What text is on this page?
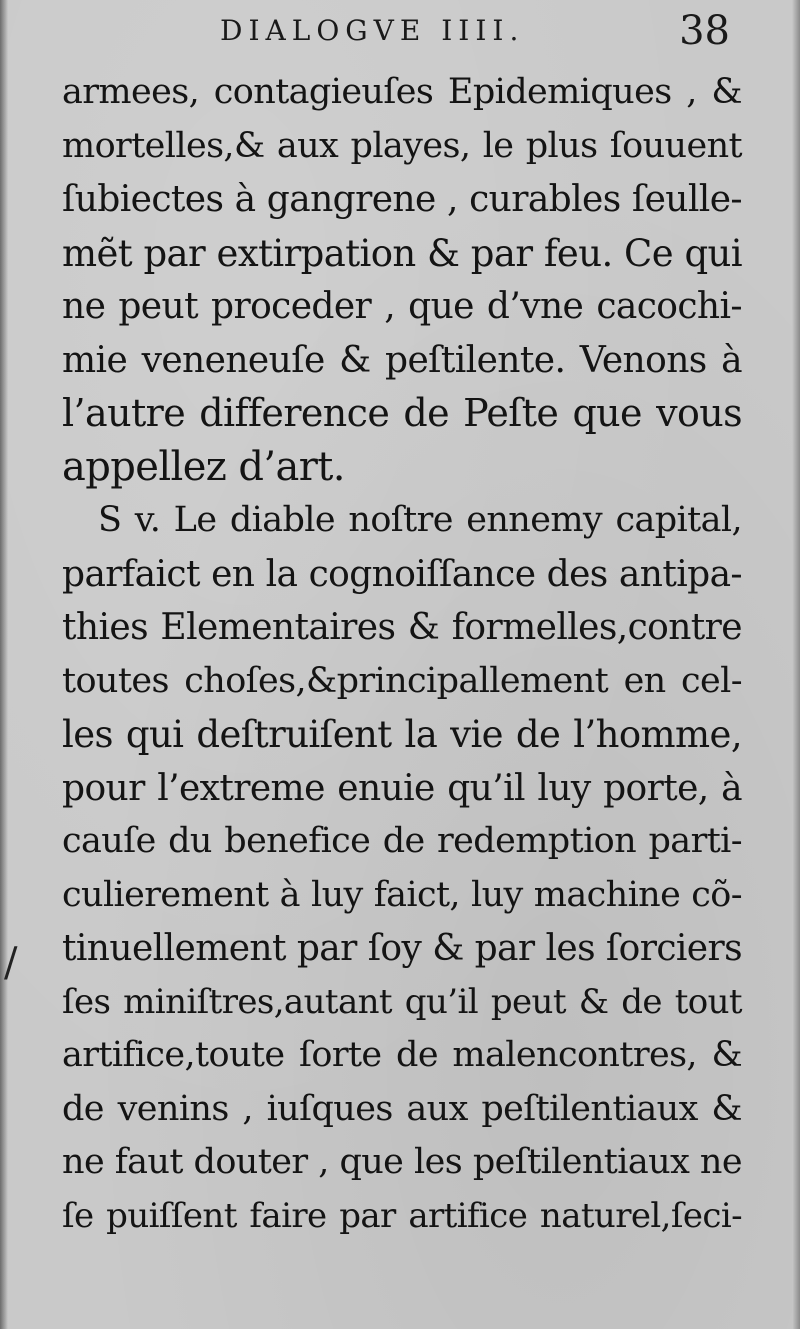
DIALOGVE IIII.	38
/
armees, contagieuſes Epidemiques , &
mortelles,& aux playes, le plus ſouuent
ſubiectes à gangrene , curables ſeulle-
mẽt par extirpation & par feu. Ce qui
ne peut proceder , que d’vne cacochi-
mie veneneuſe & peſtilente. Venons à
l’autre difference de Peſte que vous
appellez d’art.
S v. Le diable noſtre ennemy capital,
parfaict en la cognoiſſance des antipa-
thies Elementaires & formelles,contre
toutes choſes,&principallement en cel-
les qui deſtruiſent la vie de l’homme,
pour l’extreme enuie qu’il luy porte, à
cauſe du benefice de redemption parti-
culierement à luy faict, luy machine cõ-
tinuellement par ſoy & par les ſorciers
ſes miniſtres,autant qu’il peut & de tout
artifice,toute ſorte de malencontres, &
de venins , iuſques aux peſtilentiaux &
ne faut douter , que les peſtilentiaux ne
ſe puiſſent faire par artifice naturel,ſeci-
